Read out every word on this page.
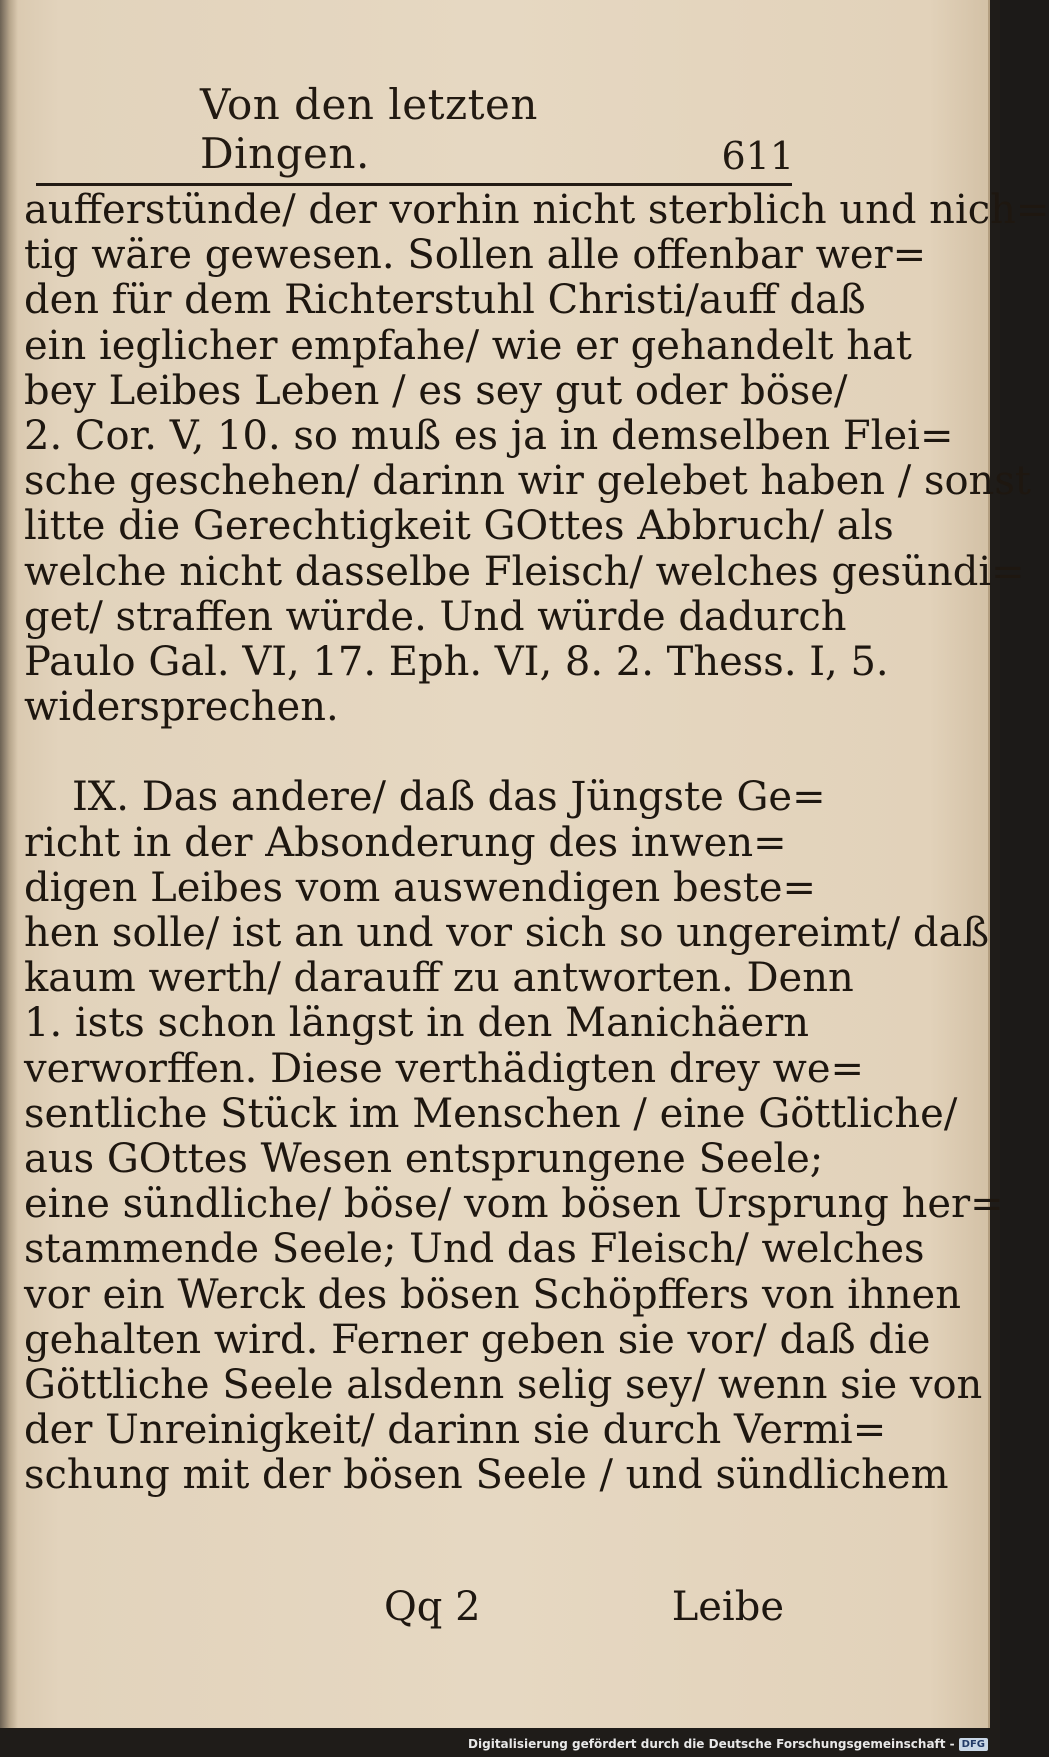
Von den letzten Dingen.	611
aufferstünde/ der vorhin nicht sterblich und nich=
tig wäre gewesen. Sollen alle offenbar wer=
den für dem Richterstuhl Christi/auff daß
ein ieglicher empfahe/ wie er gehandelt hat
bey Leibes Leben / es sey gut oder böse/
2. Cor. V, 10. so muß es ja in demselben Flei=
sche geschehen/ darinn wir gelebet haben / sonst
litte die Gerechtigkeit GOttes Abbruch/ als
welche nicht dasselbe Fleisch/ welches gesündi=
get/ straffen würde. Und würde dadurch
Paulo Gal. VI, 17. Eph. VI, 8. 2. Thess. I, 5.
widersprechen.
IX. Das andere/ daß das Jüngste Ge=
richt in der Absonderung des inwen=
digen Leibes vom auswendigen beste=
hen solle/ ist an und vor sich so ungereimt/ daß
kaum werth/ darauff zu antworten. Denn
1. ists schon längst in den Manichäern
verworffen. Diese verthädigten drey we=
sentliche Stück im Menschen / eine Göttliche/
aus GOttes Wesen entsprungene Seele;
eine sündliche/ böse/ vom bösen Ursprung her=
stammende Seele; Und das Fleisch/ welches
vor ein Werck des bösen Schöpffers von ihnen
gehalten wird. Ferner geben sie vor/ daß die
Göttliche Seele alsdenn selig sey/ wenn sie von
der Unreinigkeit/ darinn sie durch Vermi=
schung mit der bösen Seele / und sündlichem
Qq 2	Leibe
Digitalisierung gefördert durch die Deutsche Forschungsgemeinschaft - DFG
